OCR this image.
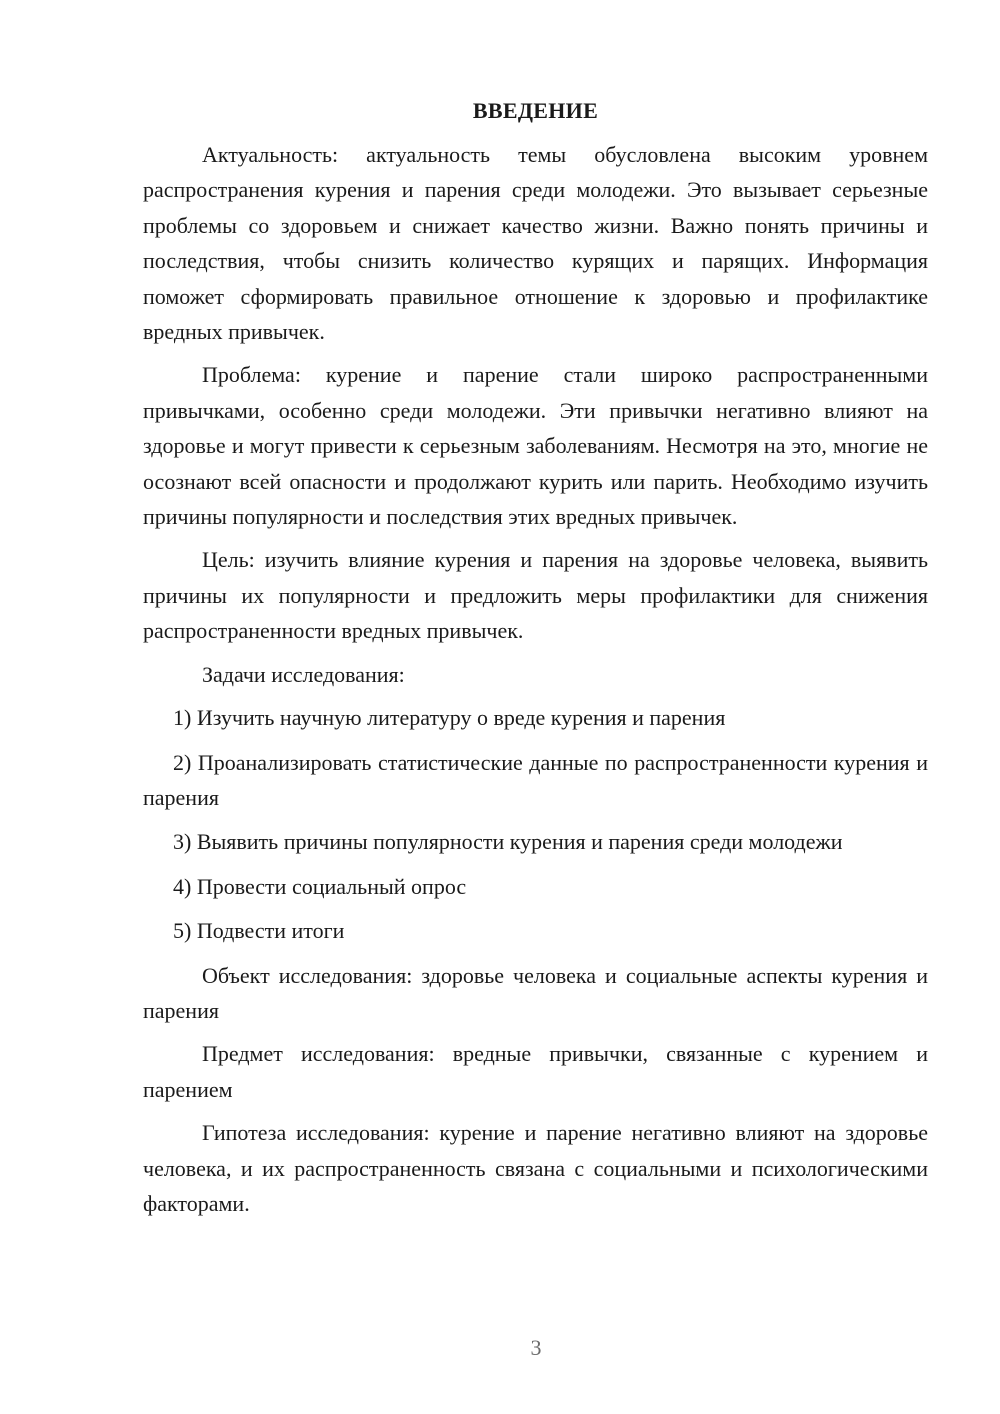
ВВЕДЕНИЕ

Актуальность: актуальность темы обусловлена высоким уровнем распространения курения и парения среди молодежи. Это вызывает серьезные проблемы со здоровьем и снижает качество жизни. Важно понять причины и последствия, чтобы снизить количество курящих и парящих. Информация поможет сформировать правильное отношение к здоровью и профилактике вредных привычек.

Проблема: курение и парение стали широко распространенными привычками, особенно среди молодежи. Эти привычки негативно влияют на здоровье и могут привести к серьезным заболеваниям. Несмотря на это, многие не осознают всей опасности и продолжают курить или парить. Необходимо изучить причины популярности и последствия этих вредных привычек.

Цель: изучить влияние курения и парения на здоровье человека, выявить причины их популярности и предложить меры профилактики для снижения распространенности вредных привычек.

Задачи исследования:

1) Изучить научную литературу о вреде курения и парения

2) Проанализировать статистические данные по распространенности курения и парения

3) Выявить причины популярности курения и парения среди молодежи

4) Провести социальный опрос

5) Подвести итоги

Объект исследования: здоровье человека и социальные аспекты курения и парения

Предмет исследования: вредные привычки, связанные с курением и парением

Гипотеза исследования: курение и парение негативно влияют на здоровье человека, и их распространенность связана с социальными и психологическими факторами.

3
